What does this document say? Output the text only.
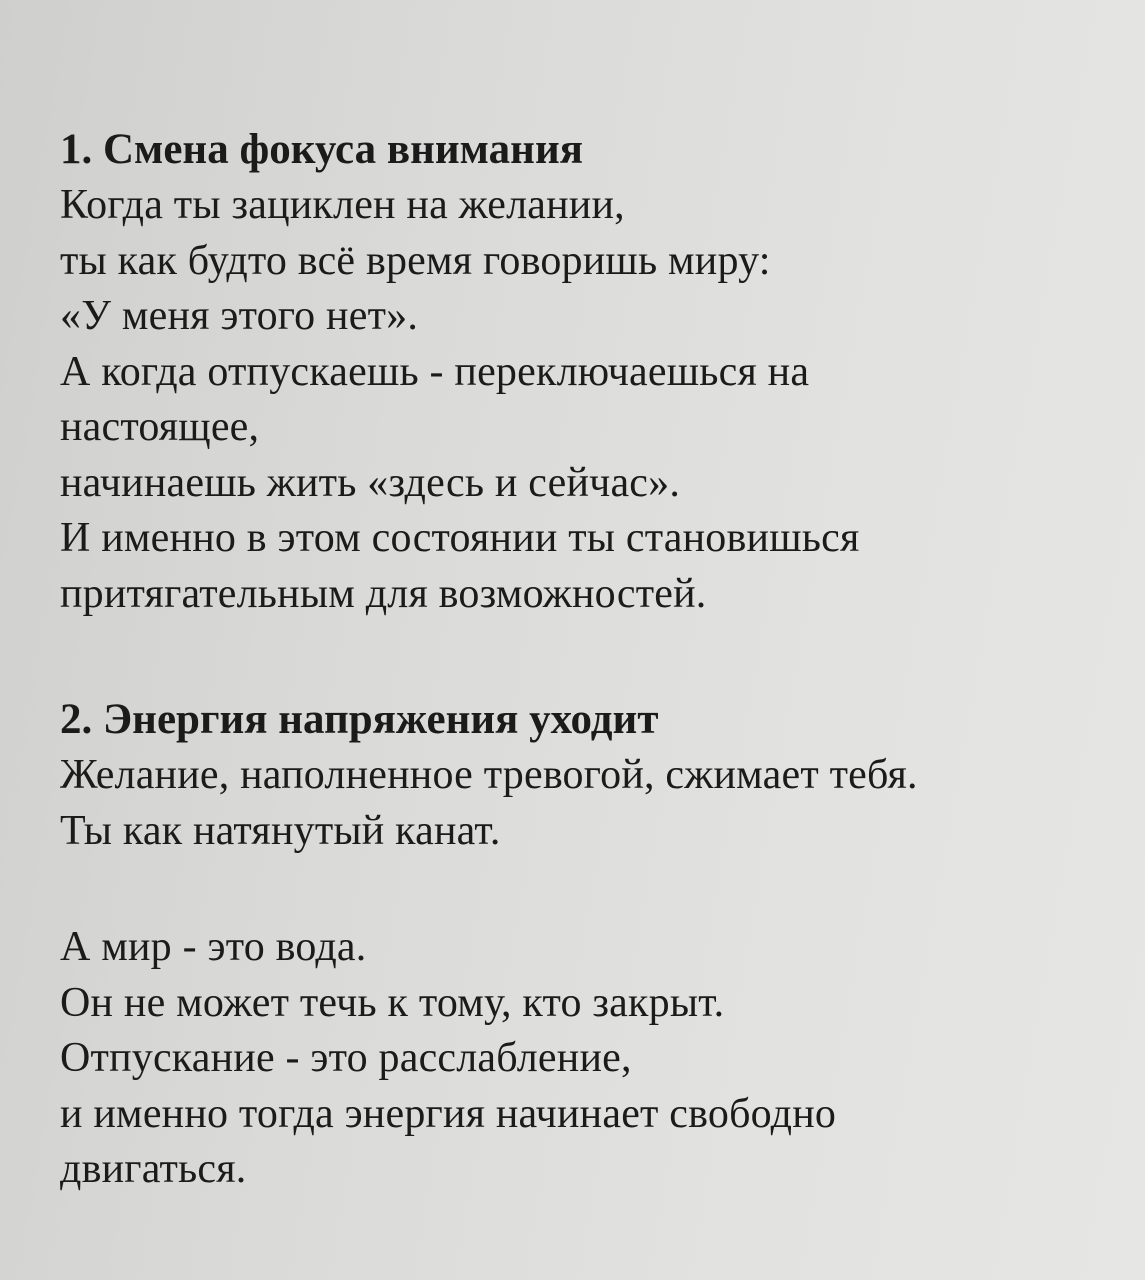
1. Смена фокуса внимания

Когда ты зациклен на желании,

ты как будто всё время говоришь миру:

«У меня этого нет».

А когда отпускаешь - переключаешься на

настоящее,

начинаешь жить «здесь и сейчас».

И именно в этом состоянии ты становишься

притягательным для возможностей.

2. Энергия напряжения уходит

Желание, наполненное тревогой, сжимает тебя.

Ты как натянутый канат.

А мир - это вода.

Он не может течь к тому, кто закрыт.

Отпускание - это расслабление,

и именно тогда энергия начинает свободно

двигаться.
